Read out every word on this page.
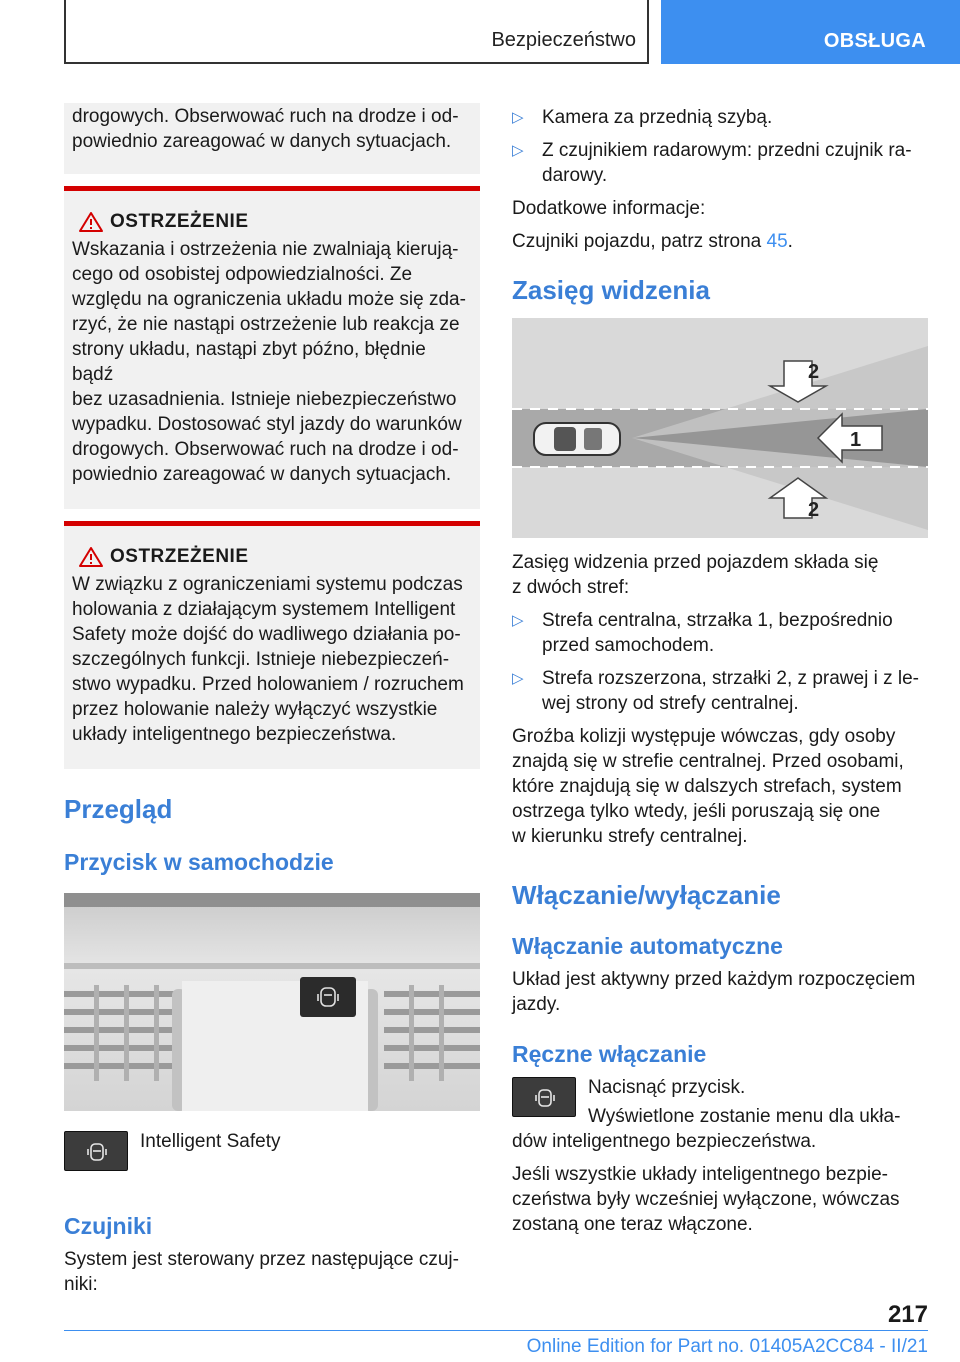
Bezpieczeństwo	OBSŁUGA
drogowych. Obserwować ruch na drodze i od-
powiednio zareagować w danych sytuacjach.
OSTRZEŻENIE
Wskazania i ostrzeżenia nie zwalniają kierują-
cego od osobistej odpowiedzialności. Ze
względu na ograniczenia układu może się zda-
rzyć, że nie nastąpi ostrzeżenie lub reakcja ze
strony układu, nastąpi zbyt późno, błędnie bądź
bez uzasadnienia. Istnieje niebezpieczeństwo
wypadku. Dostosować styl jazdy do warunków
drogowych. Obserwować ruch na drodze i od-
powiednio zareagować w danych sytuacjach.
OSTRZEŻENIE
W związku z ograniczeniami systemu podczas
holowania z działającym systemem Intelligent
Safety może dojść do wadliwego działania po-
szczególnych funkcji. Istnieje niebezpieczeń-
stwo wypadku. Przed holowaniem / rozruchem
przez holowanie należy wyłączyć wszystkie
układy inteligentnego bezpieczeństwa.
Przegląd
Przycisk w samochodzie
Intelligent Safety
Czujniki
System jest sterowany przez następujące czuj-
niki:
▷ Kamera za przednią szybą.
▷ Z czujnikiem radarowym: przedni czujnik ra-
darowy.
Dodatkowe informacje:
Czujniki pojazdu, patrz strona 45.
Zasięg widzenia
2
1
2
Zasięg widzenia przed pojazdem składa się
z dwóch stref:
▷ Strefa centralna, strzałka 1, bezpośrednio
przed samochodem.
▷ Strefa rozszerzona, strzałki 2, z prawej i z le-
wej strony od strefy centralnej.
Groźba kolizji występuje wówczas, gdy osoby
znajdą się w strefie centralnej. Przed osobami,
które znajdują się w dalszych strefach, system
ostrzega tylko wtedy, jeśli poruszają się one
w kierunku strefy centralnej.
Włączanie/wyłączanie
Włączanie automatyczne
Układ jest aktywny przed każdym rozpoczęciem
jazdy.
Ręczne włączanie
Nacisnąć przycisk.
Wyświetlone zostanie menu dla ukła-
dów inteligentnego bezpieczeństwa.
Jeśli wszystkie układy inteligentnego bezpie-
czeństwa były wcześniej wyłączone, wówczas
zostaną one teraz włączone.
217
Online Edition for Part no. 01405A2CC84 - II/21
